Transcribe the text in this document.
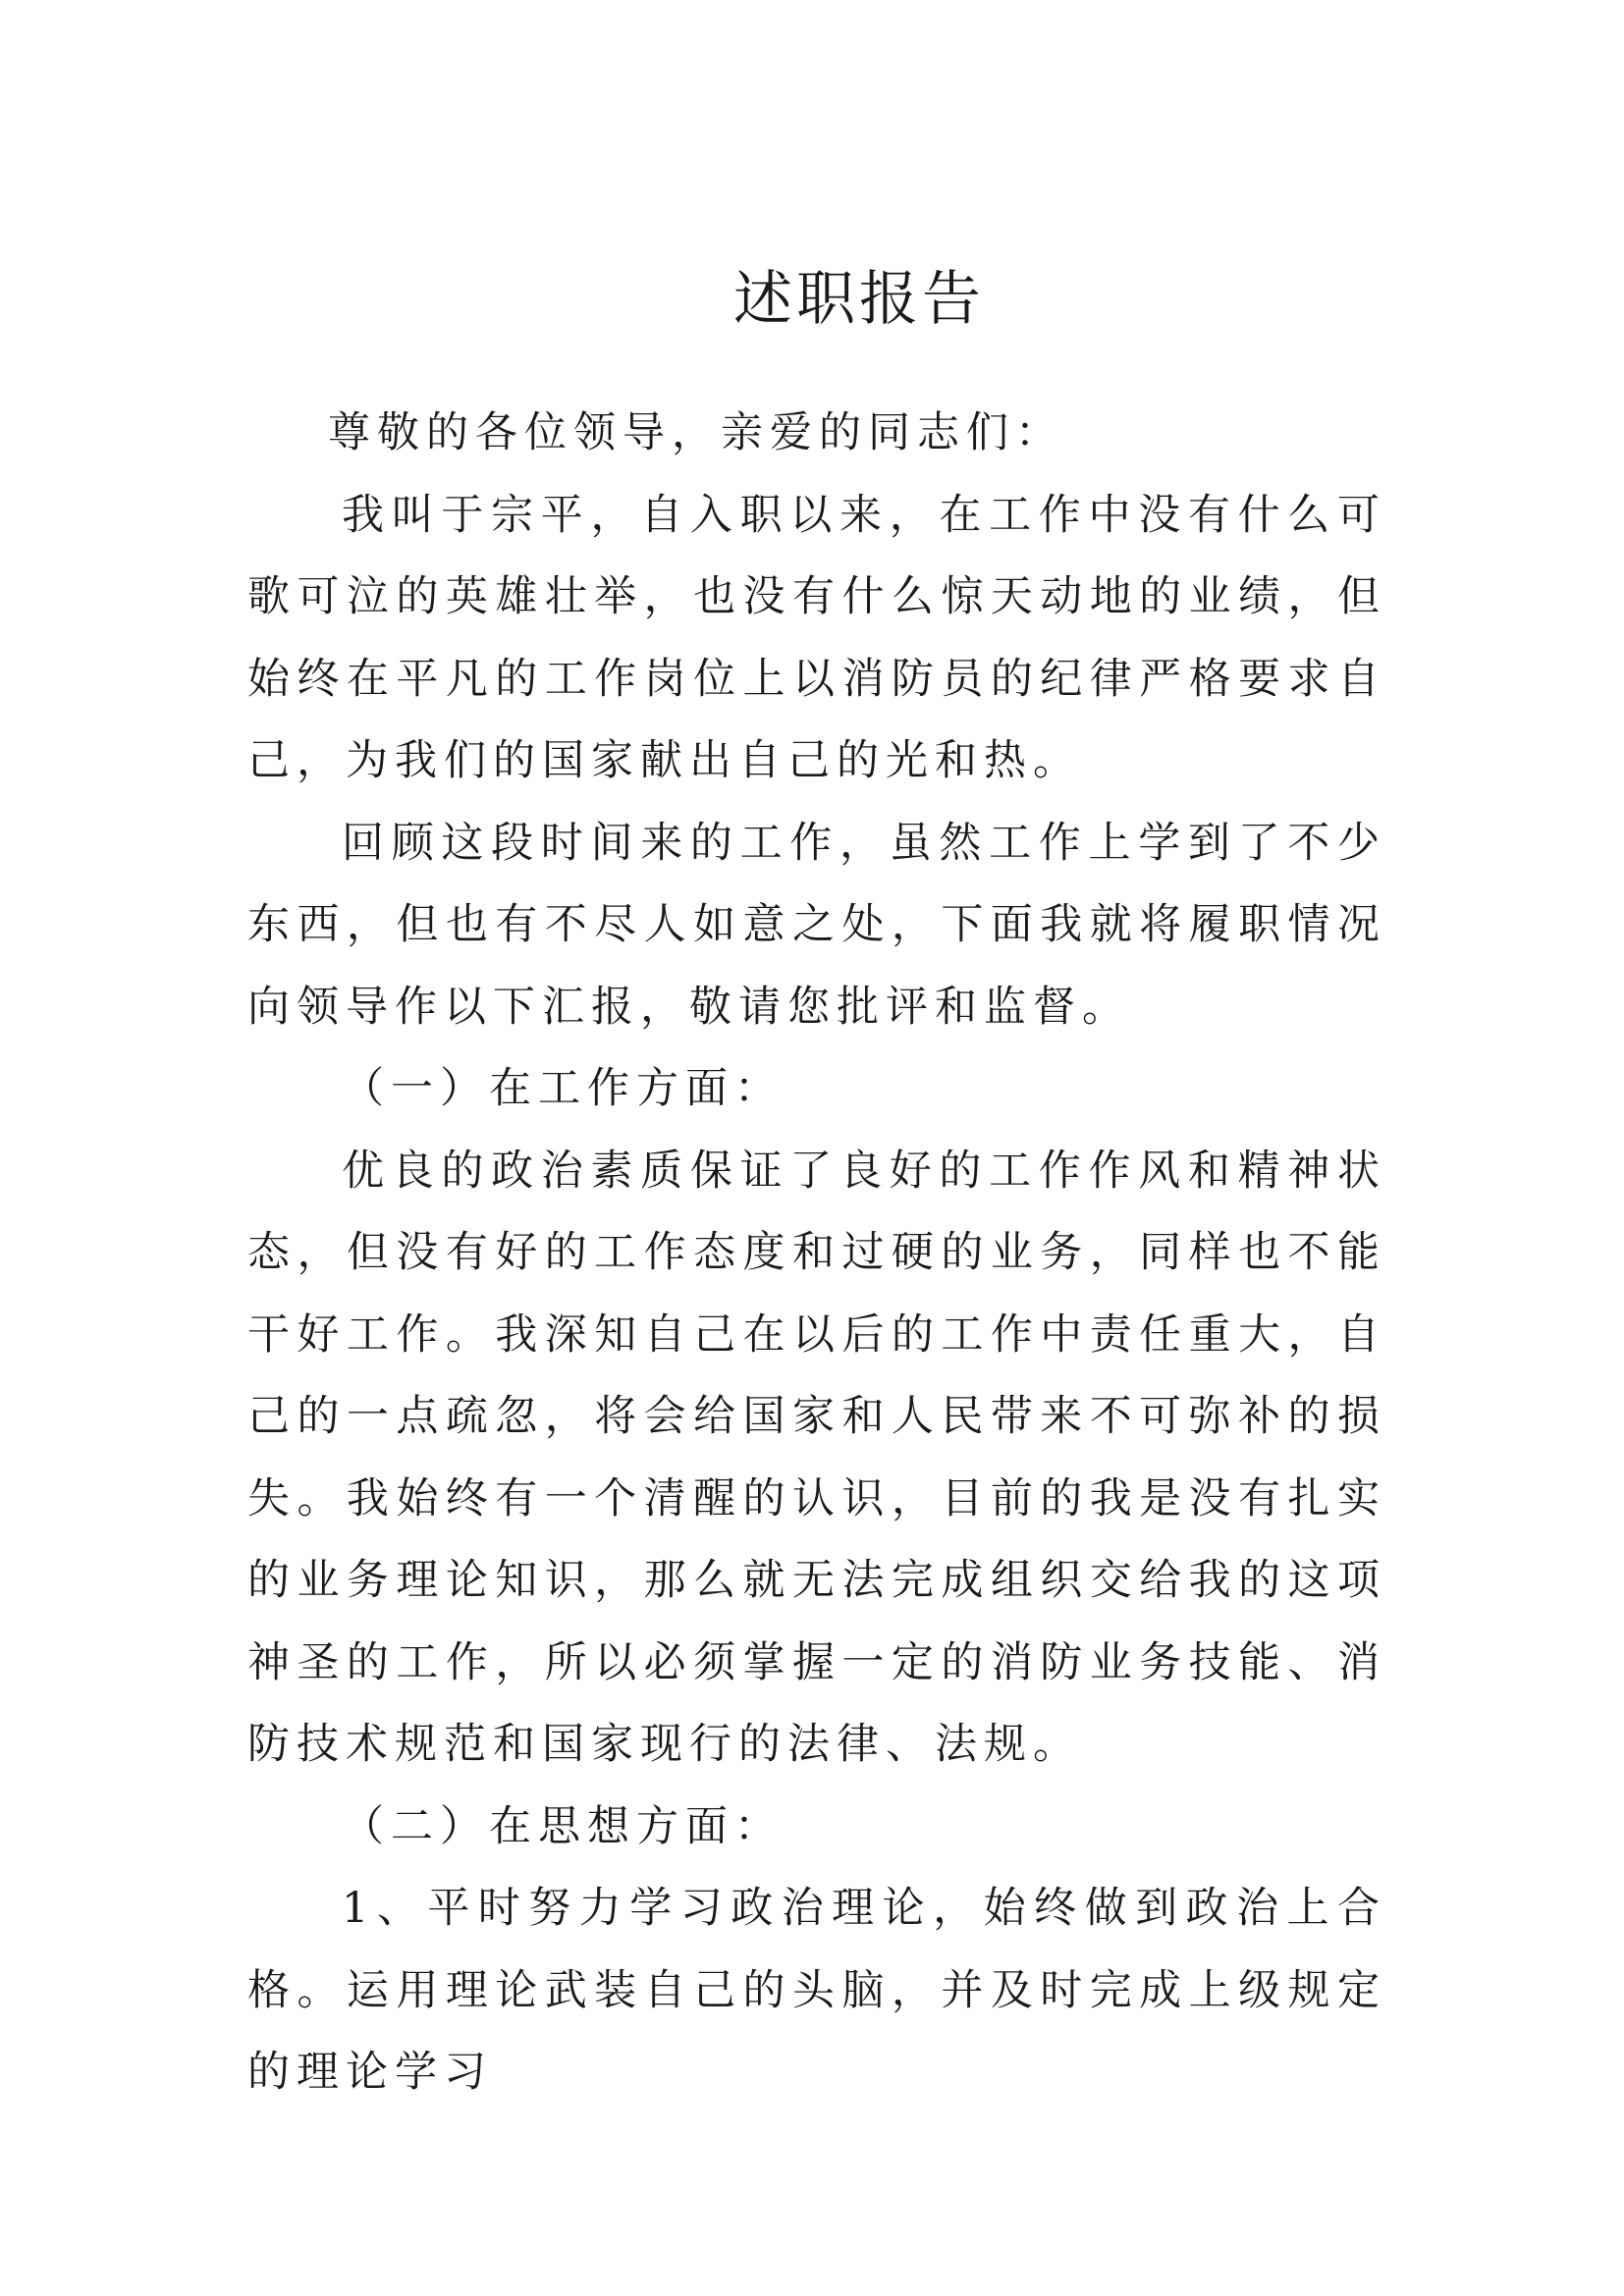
述职报告

尊敬的各位领导，亲爱的同志们：

我叫于宗平，自入职以来，在工作中没有什么可歌可泣的英雄壮举，也没有什么惊天动地的业绩，但始终在平凡的工作岗位上以消防员的纪律严格要求自己，为我们的国家献出自己的光和热。

回顾这段时间来的工作，虽然工作上学到了不少东西，但也有不尽人如意之处，下面我就将履职情况向领导作以下汇报，敬请您批评和监督。

（一）在工作方面：

优良的政治素质保证了良好的工作作风和精神状态，但没有好的工作态度和过硬的业务，同样也不能干好工作。我深知自己在以后的工作中责任重大，自己的一点疏忽，将会给国家和人民带来不可弥补的损失。我始终有一个清醒的认识，目前的我是没有扎实的业务理论知识，那么就无法完成组织交给我的这项神圣的工作，所以必须掌握一定的消防业务技能、消防技术规范和国家现行的法律、法规。

（二）在思想方面：

1、平时努力学习政治理论，始终做到政治上合格。运用理论武装自己的头脑，并及时完成上级规定的理论学习
